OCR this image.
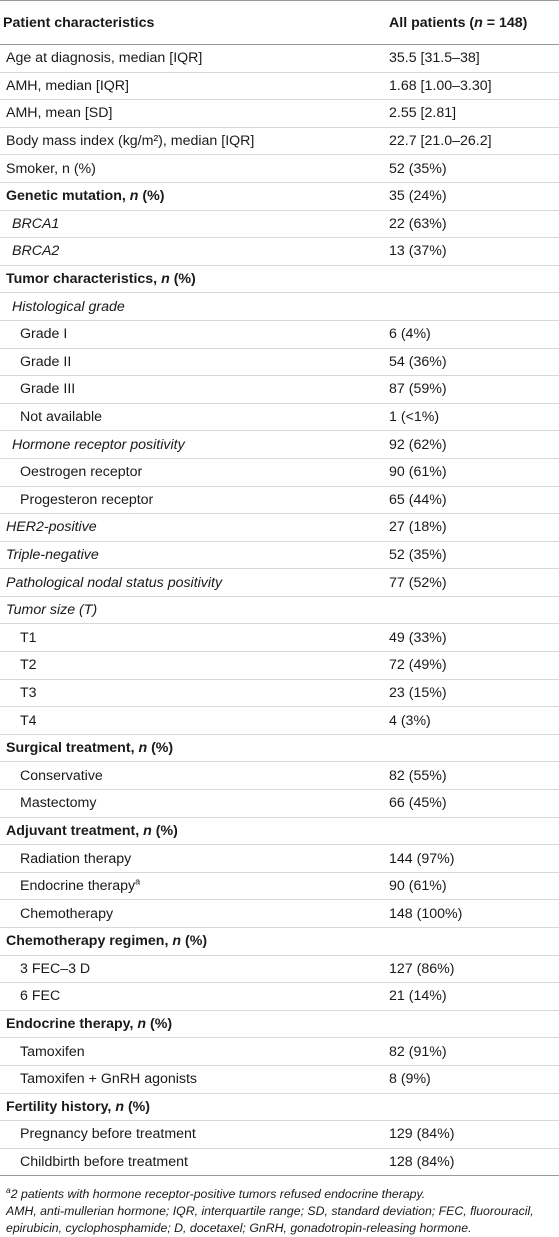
Patient characteristics	All patients (n = 148)
Age at diagnosis, median [IQR]	35.5 [31.5–38]
AMH, median [IQR]	1.68 [1.00–3.30]
AMH, mean [SD]	2.55 [2.81]
Body mass index (kg/m²), median [IQR]	22.7 [21.0–26.2]
Smoker, n (%)	52 (35%)
Genetic mutation, n (%)	35 (24%)
BRCA1	22 (63%)
BRCA2	13 (37%)
Tumor characteristics, n (%)	
Histological grade	
Grade I	6 (4%)
Grade II	54 (36%)
Grade III	87 (59%)
Not available	1 (<1%)
Hormone receptor positivity	92 (62%)
Oestrogen receptor	90 (61%)
Progesteron receptor	65 (44%)
HER2-positive	27 (18%)
Triple-negative	52 (35%)
Pathological nodal status positivity	77 (52%)
Tumor size (T)	
T1	49 (33%)
T2	72 (49%)
T3	23 (15%)
T4	4 (3%)
Surgical treatment, n (%)	
Conservative	82 (55%)
Mastectomy	66 (45%)
Adjuvant treatment, n (%)	
Radiation therapy	144 (97%)
Endocrine therapy$^a$	90 (61%)
Chemotherapy	148 (100%)
Chemotherapy regimen, n (%)	
3 FEC–3 D	127 (86%)
6 FEC	21 (14%)
Endocrine therapy, n (%)	
Tamoxifen	82 (91%)
Tamoxifen + GnRH agonists	8 (9%)
Fertility history, n (%)	
Pregnancy before treatment	129 (84%)
Childbirth before treatment	128 (84%)

$^a$2 patients with hormone receptor-positive tumors refused endocrine therapy.

AMH, anti-mullerian hormone; IQR, interquartile range; SD, standard deviation; FEC, fluorouracil, epirubicin, cyclophosphamide; D, docetaxel; GnRH, gonadotropin-releasing hormone.
